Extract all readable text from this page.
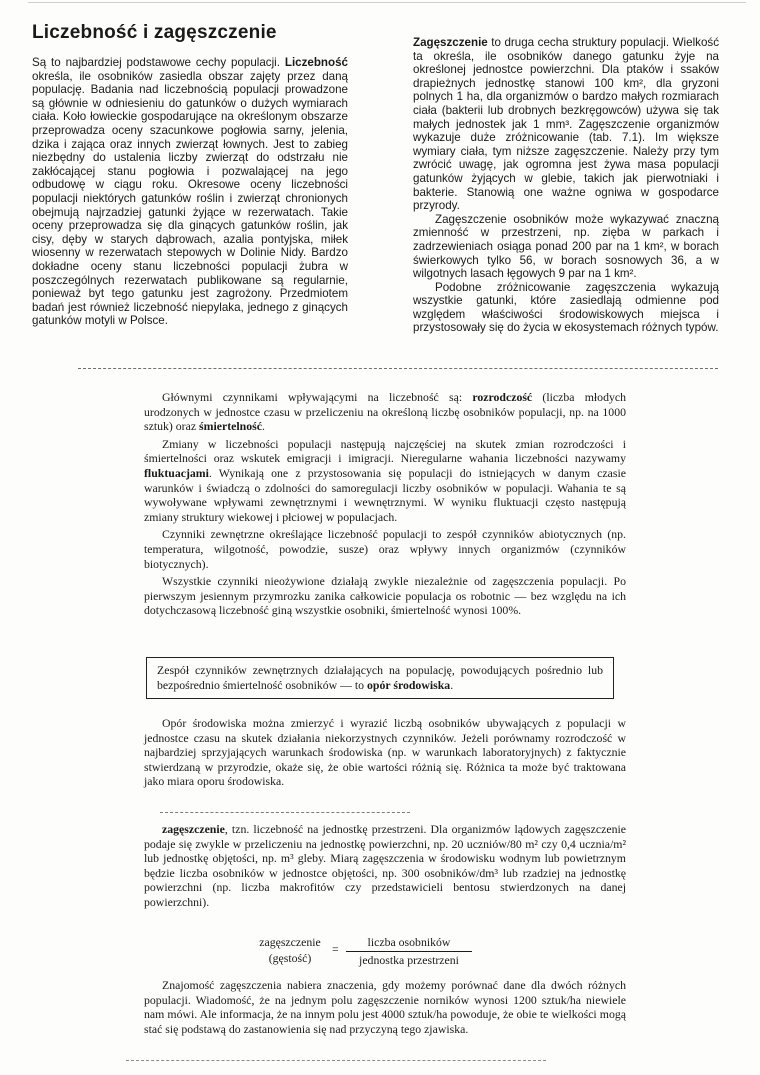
Liczebność i zagęszczenie

Są to najbardziej podstawowe cechy populacji. Liczebność określa, ile osobników zasiedla obszar zajęty przez daną populację. Badania nad liczebnością populacji prowadzone są głównie w odniesieniu do gatunków o dużych wymiarach ciała. Koło łowieckie gospodarujące na określonym obszarze przeprowadza oceny szacunkowe pogłowia sarny, jelenia, dzika i zająca oraz innych zwierząt łownych. Jest to zabieg niezbędny do ustalenia liczby zwierząt do odstrzału nie zakłócającej stanu pogłowia i pozwalającej na jego odbudowę w ciągu roku. Okresowe oceny liczebności populacji niektórych gatunków roślin i zwierząt chronionych obejmują najrzadziej gatunki żyjące w rezerwatach. Takie oceny przeprowadza się dla ginących gatunków roślin, jak cisy, dęby w starych dąbrowach, azalia pontyjska, miłek wiosenny w rezerwatach stepowych w Dolinie Nidy. Bardzo dokładne oceny stanu liczebności populacji żubra w poszczególnych rezerwatach publikowane są regularnie, ponieważ byt tego gatunku jest zagrożony. Przedmiotem badań jest również liczebność niepylaka, jednego z ginących gatunków motyli w Polsce.

Zagęszczenie to druga cecha struktury populacji. Wielkość ta określa, ile osobników danego gatunku żyje na określonej jednostce powierzchni. Dla ptaków i ssaków drapieżnych jednostkę stanowi 100 km², dla gryzoni polnych 1 ha, dla organizmów o bardzo małych rozmiarach ciała (bakterii lub drobnych bezkręgowców) używa się tak małych jednostek jak 1 mm³. Zagęszczenie organizmów wykazuje duże zróżnicowanie (tab. 7.1). Im większe wymiary ciała, tym niższe zagęszczenie. Należy przy tym zwrócić uwagę, jak ogromna jest żywa masa populacji gatunków żyjących w glebie, takich jak pierwotniaki i bakterie. Stanowią one ważne ogniwa w gospodarce przyrody.

Zagęszczenie osobników może wykazywać znaczną zmienność w przestrzeni, np. zięba w parkach i zadrzewieniach osiąga ponad 200 par na 1 km², w borach świerkowych tylko 56, w borach sosnowych 36, a w wilgotnych lasach łęgowych 9 par na 1 km².

Podobne zróżnicowanie zagęszczenia wykazują wszystkie gatunki, które zasiedlają odmienne pod względem właściwości środowiskowych miejsca i przystosowały się do życia w ekosystemach różnych typów.

Głównymi czynnikami wpływającymi na liczebność są: rozrodczość (liczba młodych urodzonych w jednostce czasu w przeliczeniu na określoną liczbę osobników populacji, np. na 1000 sztuk) oraz śmiertelność.

Zmiany w liczebności populacji następują najczęściej na skutek zmian rozrodczości i śmiertelności oraz wskutek emigracji i imigracji. Nieregularne wahania liczebności nazywamy fluktuacjami. Wynikają one z przystosowania się populacji do istniejących w danym czasie warunków i świadczą o zdolności do samoregulacji liczby osobników w populacji. Wahania te są wywoływane wpływami zewnętrznymi i wewnętrznymi. W wyniku fluktuacji często następują zmiany struktury wiekowej i płciowej w populacjach.

Czynniki zewnętrzne określające liczebność populacji to zespół czynników abiotycznych (np. temperatura, wilgotność, powodzie, susze) oraz wpływy innych organizmów (czynników biotycznych).

Wszystkie czynniki nieożywione działają zwykle niezależnie od zagęszczenia populacji. Po pierwszym jesiennym przymrozku zanika całkowicie populacja os robotnic — bez względu na ich dotychczasową liczebność giną wszystkie osobniki, śmiertelność wynosi 100%.

Zespół czynników zewnętrznych działających na populację, powodujących pośrednio lub bezpośrednio śmiertelność osobników — to opór środowiska.

Opór środowiska można zmierzyć i wyrazić liczbą osobników ubywających z populacji w jednostce czasu na skutek działania niekorzystnych czynników. Jeżeli porównamy rozrodczość w najbardziej sprzyjających warunkach środowiska (np. w warunkach laboratoryjnych) z faktycznie stwierdzaną w przyrodzie, okaże się, że obie wartości różnią się. Różnica ta może być traktowana jako miara oporu środowiska.

zagęszczenie, tzn. liczebność na jednostkę przestrzeni. Dla organizmów lądowych zagęszczenie podaje się zwykle w przeliczeniu na jednostkę powierzchni, np. 20 uczniów/80 m² czy 0,4 ucznia/m² lub jednostkę objętości, np. m³ gleby. Miarą zagęszczenia w środowisku wodnym lub powietrznym będzie liczba osobników w jednostce objętości, np. 300 osobników/dm³ lub rzadziej na jednostkę powierzchni (np. liczba makrofitów czy przedstawicieli bentosu stwierdzonych na danej powierzchni).

zagęszczenie
(gęstość)
=	liczba osobników
jednostka przestrzeni

Znajomość zagęszczenia nabiera znaczenia, gdy możemy porównać dane dla dwóch różnych populacji. Wiadomość, że na jednym polu zagęszczenie norników wynosi 1200 sztuk/ha niewiele nam mówi. Ale informacja, że na innym polu jest 4000 sztuk/ha powoduje, że obie te wielkości mogą stać się podstawą do zastanowienia się nad przyczyną tego zjawiska.
